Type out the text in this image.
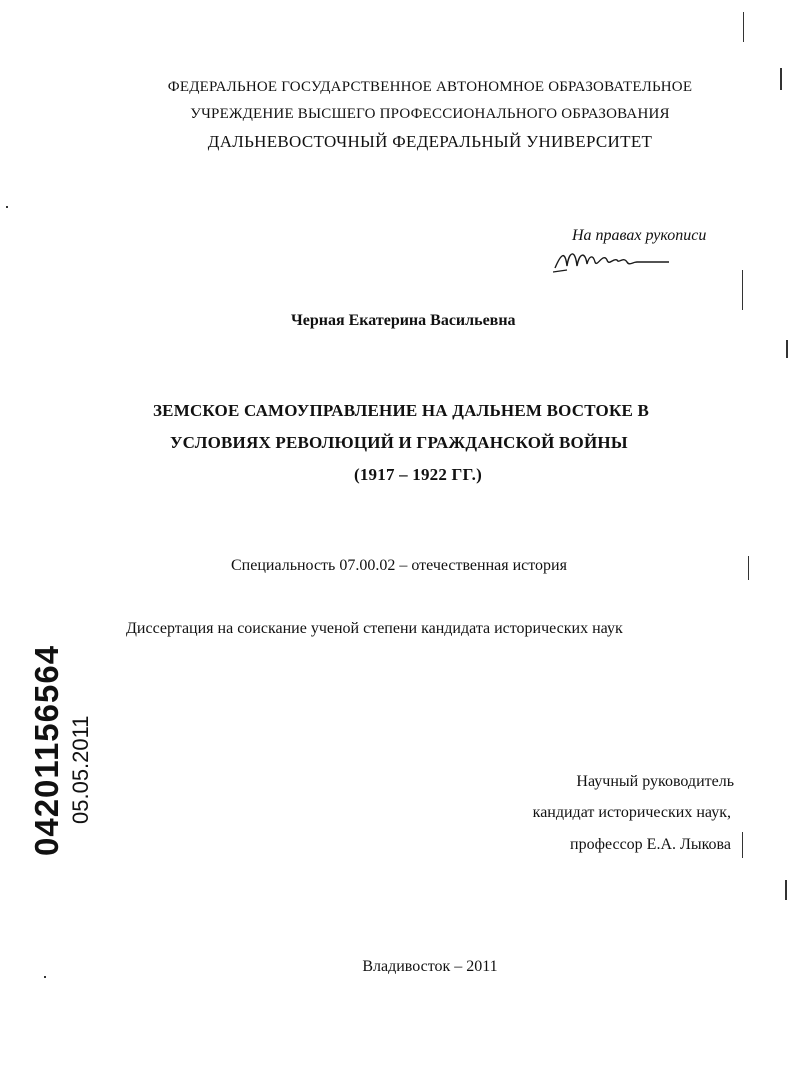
ФЕДЕРАЛЬНОЕ ГОСУДАРСТВЕННОЕ АВТОНОМНОЕ ОБРАЗОВАТЕЛЬНОЕ

УЧРЕЖДЕНИЕ ВЫСШЕГО ПРОФЕССИОНАЛЬНОГО ОБРАЗОВАНИЯ

ДАЛЬНЕВОСТОЧНЫЙ ФЕДЕРАЛЬНЫЙ УНИВЕРСИТЕТ

На правах рукописи

Черная Екатерина Васильевна

ЗЕМСКОЕ САМОУПРАВЛЕНИЕ НА ДАЛЬНЕМ ВОСТОКЕ В

УСЛОВИЯХ РЕВОЛЮЦИЙ И ГРАЖДАНСКОЙ ВОЙНЫ

(1917 – 1922 ГГ.)

Специальность 07.00.02 – отечественная история

Диссертация на соискание ученой степени кандидата исторических наук

Научный руководитель

кандидат исторических наук,

профессор Е.А. Лыкова

Владивосток – 2011

04201156564 05.05.2011
